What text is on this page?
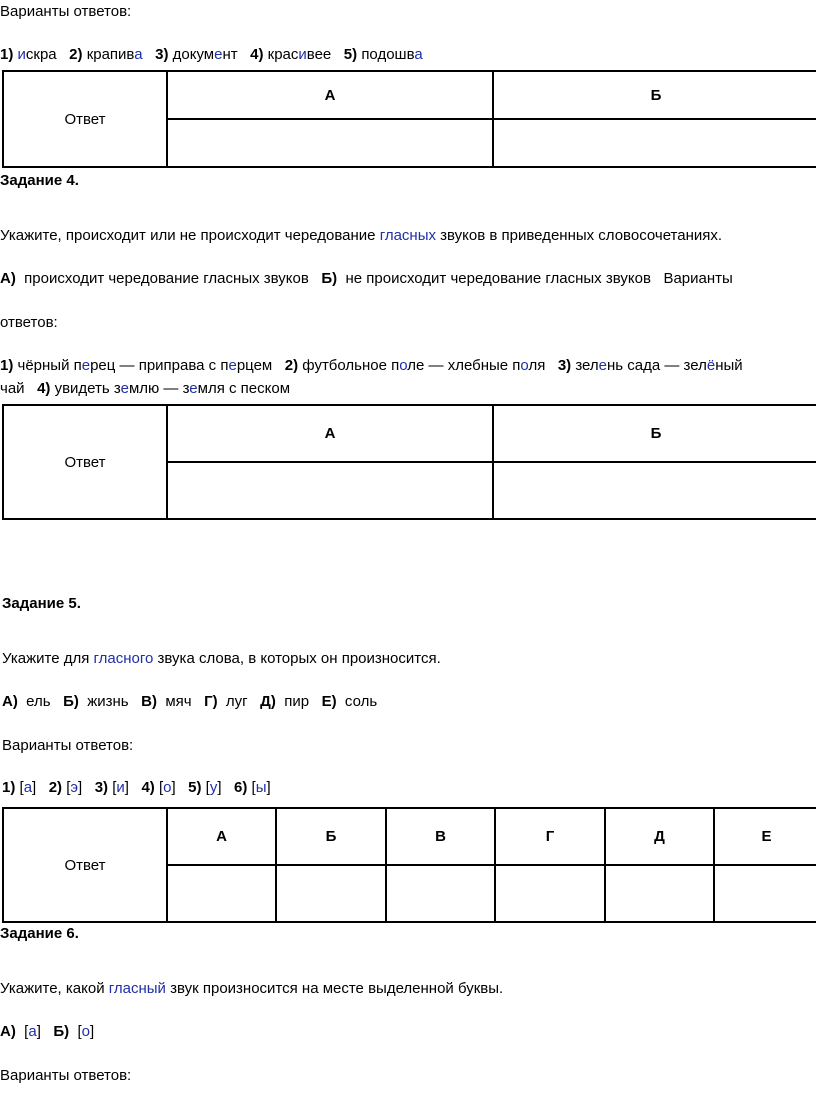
Варианты ответов:
1) искра 2) крапива 3) документ 4) красивее 5) подошва
Ответ	А	Б

Задание 4.
Укажите, происходит или не происходит чередование гласных звуков в приведенных словосочетаниях.
А) происходит чередование гласных звуков Б) не происходит чередование гласных звуков Варианты
ответов:
1) чёрный перец — приправа с перцем 2) футбольное поле — хлебные поля 3) зелень сада — зелёный
чай 4) увидеть землю — земля с песком
Ответ	А	Б

Задание 5.
Укажите для гласного звука слова, в которых он произносится.
А) ель Б) жизнь В) мяч Г) луг Д) пир Е) соль
Варианты ответов:
1) [а]   2) [э]   3) [и]   4) [о]   5) [у]   6) [ы]
Ответ	А	Б	В	Г	Д	Е

Задание 6.
Укажите, какой гласный звук произносится на месте выделенной буквы.
А)  [а]   Б)  [о]
Варианты ответов:
